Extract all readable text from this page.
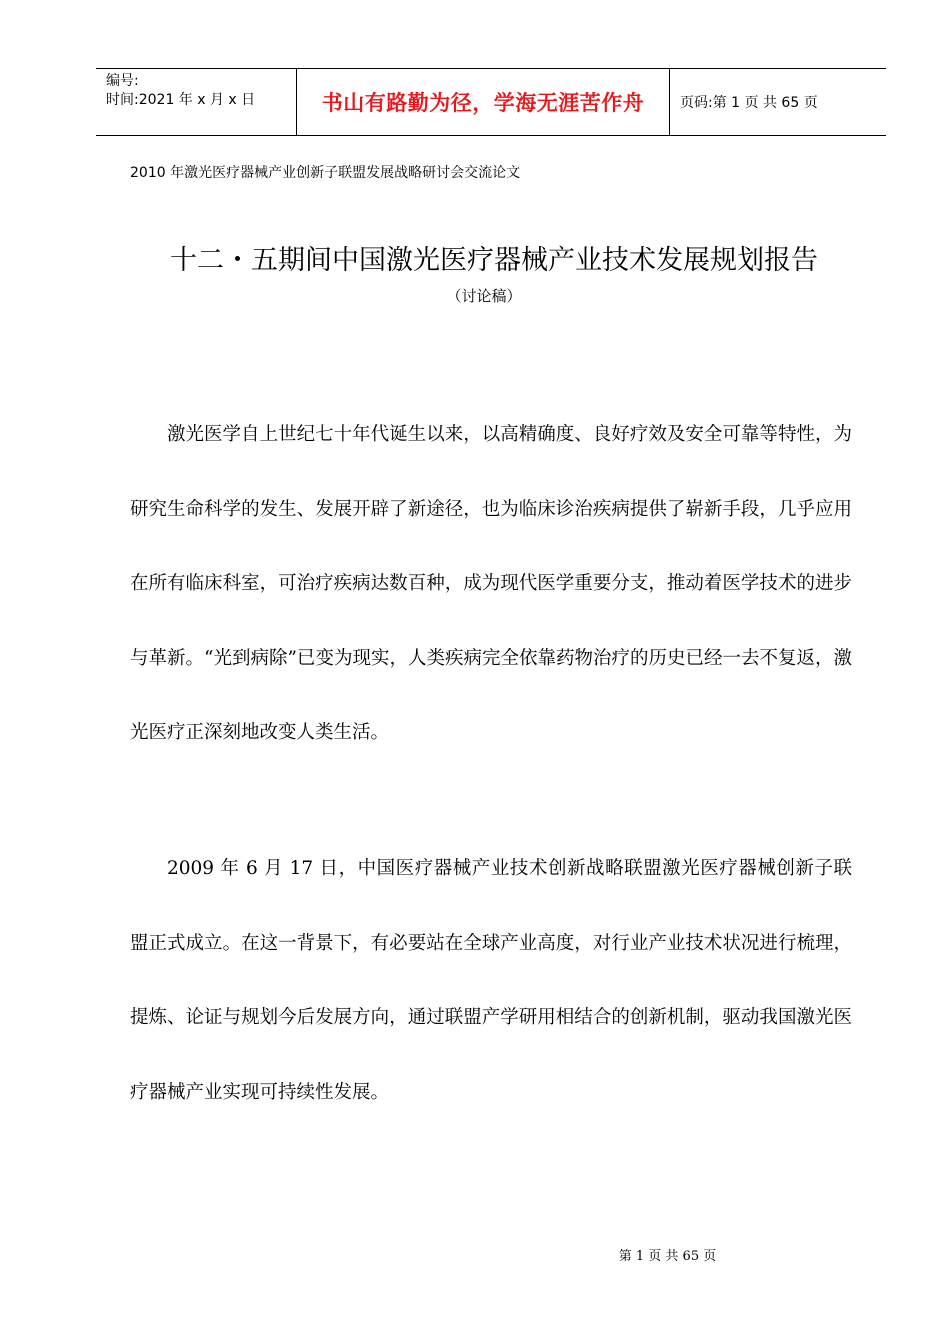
编号:
时间:2021 年 x 月 x 日	书山有路勤为径，学海无涯苦作舟	页码:第 1 页 共 65 页
2010 年激光医疗器械产业创新子联盟发展战略研讨会交流论文
十二・五期间中国激光医疗器械产业技术发展规划报告
（讨论稿）

激光医学自上世纪七十年代诞生以来，以高精确度、良好疗效及安全可靠等特性，为研究生命科学的发生、发展开辟了新途径，也为临床诊治疾病提供了崭新手段，几乎应用在所有临床科室，可治疗疾病达数百种，成为现代医学重要分支，推动着医学技术的进步与革新。“光到病除”已变为现实，人类疾病完全依靠药物治疗的历史已经一去不复返，激光医疗正深刻地改变人类生活。

2009 年 6 月 17 日，中国医疗器械产业技术创新战略联盟激光医疗器械创新子联盟正式成立。在这一背景下，有必要站在全球产业高度，对行业产业技术状况进行梳理，提炼、论证与规划今后发展方向，通过联盟产学研用相结合的创新机制，驱动我国激光医疗器械产业实现可持续性发展。

第 1 页 共 65 页
